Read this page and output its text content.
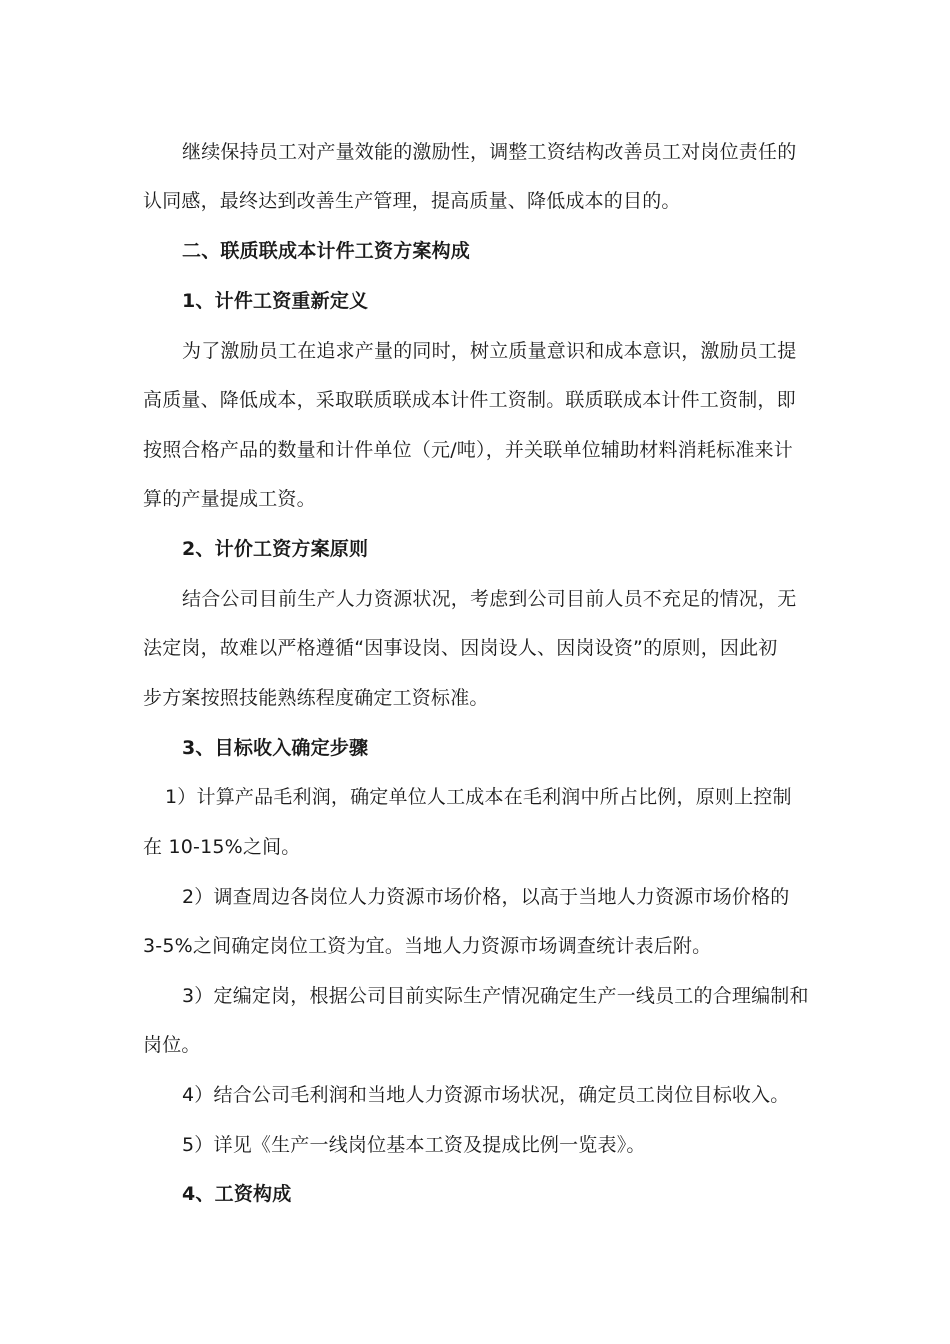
继续保持员工对产量效能的激励性，调整工资结构改善员工对岗位责任的
认同感，最终达到改善生产管理，提高质量、降低成本的目的。
二、联质联成本计件工资方案构成
1、计件工资重新定义
为了激励员工在追求产量的同时，树立质量意识和成本意识，激励员工提
高质量、降低成本，采取联质联成本计件工资制。联质联成本计件工资制，即
按照合格产品的数量和计件单位（元/吨），并关联单位辅助材料消耗标准来计
算的产量提成工资。
2、计价工资方案原则
结合公司目前生产人力资源状况，考虑到公司目前人员不充足的情况，无
法定岗，故难以严格遵循“因事设岗、因岗设人、因岗设资”的原则，因此初
步方案按照技能熟练程度确定工资标准。
3、目标收入确定步骤
1）计算产品毛利润，确定单位人工成本在毛利润中所占比例，原则上控制
在 10-15%之间。
2）调查周边各岗位人力资源市场价格，以高于当地人力资源市场价格的
3-5%之间确定岗位工资为宜。当地人力资源市场调查统计表后附。
3）定编定岗，根据公司目前实际生产情况确定生产一线员工的合理编制和
岗位。
4）结合公司毛利润和当地人力资源市场状况，确定员工岗位目标收入。
5）详见《生产一线岗位基本工资及提成比例一览表》。
4、工资构成
